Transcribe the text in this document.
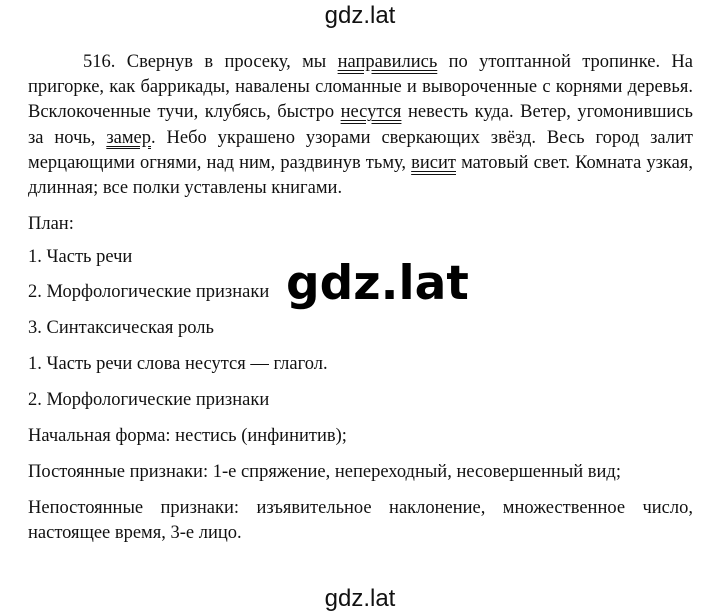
gdz.lat
516. Свернув в просеку, мы направились по утоптанной тропинке. На пригорке, как баррикады, навалены сломанные и вывороченные с корнями деревья. Всклокоченные тучи, клубясь, быстро несутся невесть куда. Ветер, угомонившись за ночь, замер. Небо украшено узорами сверкающих звёзд. Весь город залит мерцающими огнями, над ним, раздвинув тьму, висит матовый свет. Комната узкая, длинная; все полки уставлены книгами.
План:
1. Часть речи
2. Морфологические признаки
3. Синтаксическая роль
1. Часть речи слова несутся — глагол.
2. Морфологические признаки
Начальная форма: нестись (инфинитив);
Постоянные признаки: 1-е спряжение, непереходный, несовершенный вид;
Непостоянные признаки: изъявительное наклонение, множественное число, настоящее время, 3-е лицо.
gdz.lat
gdz.lat
